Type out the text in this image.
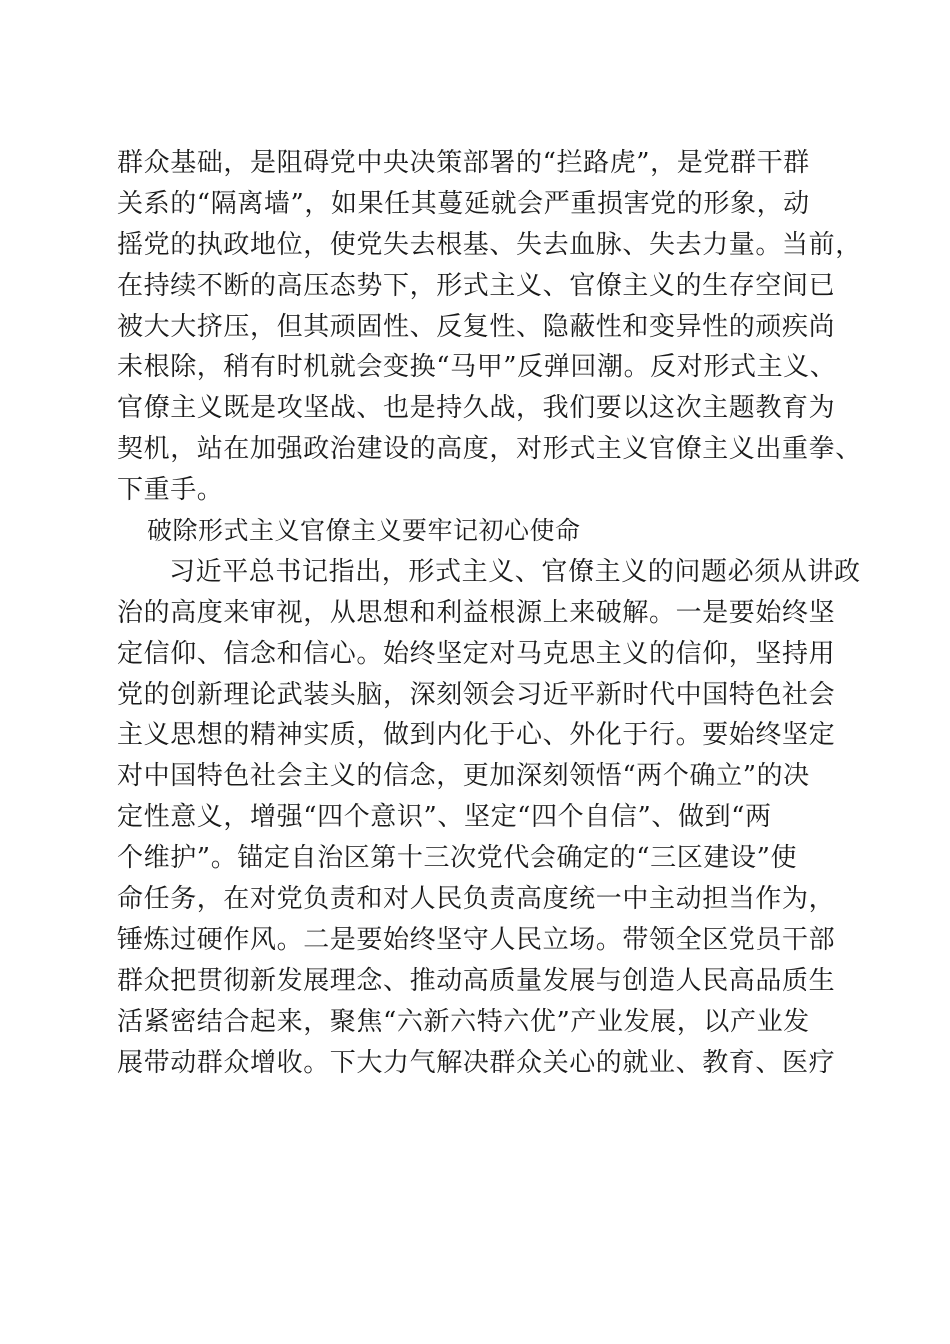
群众基础，是阻碍党中央决策部署的“拦路虎”，是党群干群
关系的“隔离墙”，如果任其蔓延就会严重损害党的形象，动
摇党的执政地位，使党失去根基、失去血脉、失去力量。当前，
在持续不断的高压态势下，形式主义、官僚主义的生存空间已
被大大挤压，但其顽固性、反复性、隐蔽性和变异性的顽疾尚
未根除，稍有时机就会变换“马甲”反弹回潮。反对形式主义、
官僚主义既是攻坚战、也是持久战，我们要以这次主题教育为
契机，站在加强政治建设的高度，对形式主义官僚主义出重拳、
下重手。
破除形式主义官僚主义要牢记初心使命
习近平总书记指出，形式主义、官僚主义的问题必须从讲政
治的高度来审视，从思想和利益根源上来破解。一是要始终坚
定信仰、信念和信心。始终坚定对马克思主义的信仰，坚持用
党的创新理论武装头脑，深刻领会习近平新时代中国特色社会
主义思想的精神实质，做到内化于心、外化于行。要始终坚定
对中国特色社会主义的信念，更加深刻领悟“两个确立”的决
定性意义，增强“四个意识”、坚定“四个自信”、做到“两
个维护”。锚定自治区第十三次党代会确定的“三区建设”使
命任务，在对党负责和对人民负责高度统一中主动担当作为，
锤炼过硬作风。二是要始终坚守人民立场。带领全区党员干部
群众把贯彻新发展理念、推动高质量发展与创造人民高品质生
活紧密结合起来，聚焦“六新六特六优”产业发展，以产业发
展带动群众增收。下大力气解决群众关心的就业、教育、医疗
